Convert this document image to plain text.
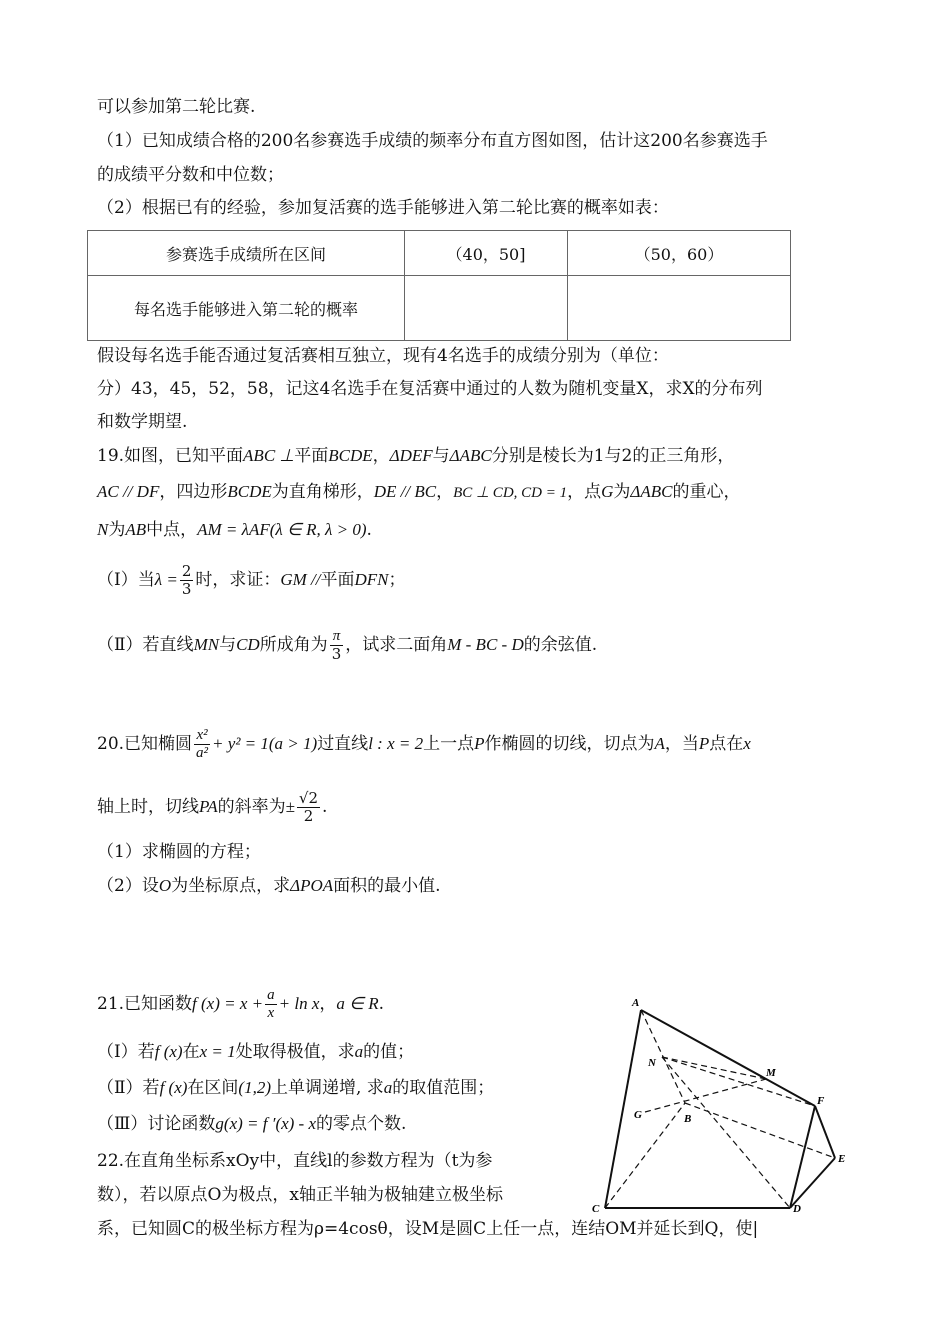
可以参加第二轮比赛.
（1）已知成绩合格的200名参赛选手成绩的频率分布直方图如图，估计这200名参赛选手
的成绩平分数和中位数；
（2）根据已有的经验，参加复活赛的选手能够进入第二轮比赛的概率如表：
参赛选手成绩所在区间	（40，50]	（50，60）
每名选手能够进入第二轮的概率		
假设每名选手能否通过复活赛相互独立，现有4名选手的成绩分别为（单位：
分）43，45，52，58，记这4名选手在复活赛中通过的人数为随机变量X，求X的分布列
和数学期望.
19.如图，已知平面ABC ⊥平面BCDE，ΔDEF与ΔABC分别是棱长为1与2的正三角形，
AC // DF，四边形BCDE为直角梯形，DE // BC，BC ⊥ CD, CD = 1，点G为ΔABC的重心，
N为AB中点，AM = λAF(λ ∈ R, λ > 0).
（Ⅰ）当$\lambda = \frac{2}{3}$ 时，求证：GM //平面DFN；
（Ⅱ）若直线MN与CD所成角为 $\frac{\pi}{3}$ ，试求二面角M - BC - D的余弦值.
20.已知椭圆 $\frac{\text{x²}}{\text{a²}} + y^2 = 1(a > 1)$过直线l : x = 2上一点P作椭圆的切线，切点为A，当P点在x
轴上时，切线PA的斜率为± $\frac{√2}{2}$ .
（1）求椭圆的方程；
（2）设O为坐标原点，求ΔPOA面积的最小值.
21.已知函数f $(x) = x + \frac{a}{x} + \ln x$，a ∈ R.
（Ⅰ）若f (x)在x = 1处取得极值，求a的值；
（Ⅱ）若f (x)在区间(1,2)上单调递增, 求a的取值范围；
（Ⅲ）讨论函数g(x) = f ′(x) - x的零点个数.
22.在直角坐标系xOy中，直线l的参数方程为（t为参
数），若以原点O为极点，x轴正半轴为极轴建立极坐标
系，已知圆C的极坐标方程为ρ=4cosθ，设M是圆C上任一点，连结OM并延长到Q，使|
A
N
M
F
G	B
E
C	D
